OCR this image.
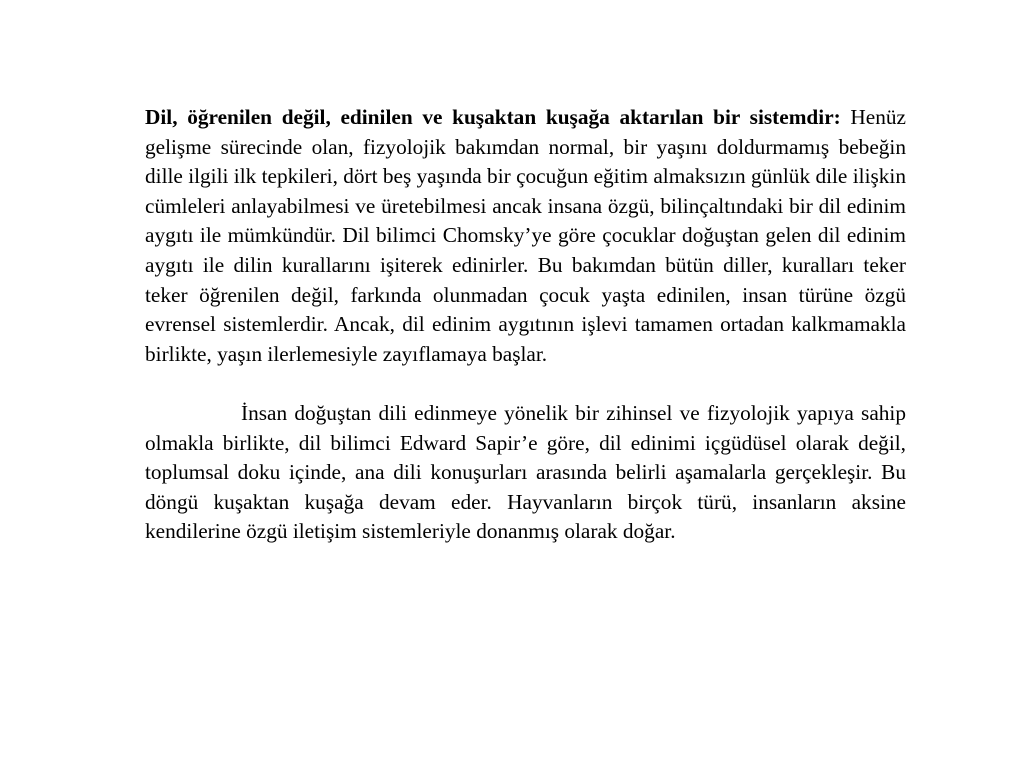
Dil, öğrenilen değil, edinilen ve kuşaktan kuşağa aktarılan bir sistemdir: Henüz gelişme sürecinde olan, fizyolojik bakımdan normal, bir yaşını doldurmamış bebeğin dille ilgili ilk tepkileri, dört beş yaşında bir çocuğun eğitim almaksızın günlük dile ilişkin cümleleri anlayabilmesi ve üretebilmesi ancak insana özgü, bilinçaltındaki bir dil edinim aygıtı ile mümkündür. Dil bilimci Chomsky’ye göre çocuklar doğuştan gelen dil edinim aygıtı ile dilin kurallarını işiterek edinirler. Bu bakımdan bütün diller, kuralları teker teker öğrenilen değil, farkında olunmadan çocuk yaşta edinilen, insan türüne özgü evrensel sistemlerdir. Ancak, dil edinim aygıtının işlevi tamamen ortadan kalkmamakla birlikte, yaşın ilerlemesiyle zayıflamaya başlar.

İnsan doğuştan dili edinmeye yönelik bir zihinsel ve fizyolojik yapıya sahip olmakla birlikte, dil bilimci Edward Sapir’e göre, dil edinimi içgüdüsel olarak değil, toplumsal doku içinde, ana dili konuşurları arasında belirli aşamalarla gerçekleşir. Bu döngü kuşaktan kuşağa devam eder. Hayvanların birçok türü, insanların aksine kendilerine özgü iletişim sistemleriyle donanmış olarak doğar.
